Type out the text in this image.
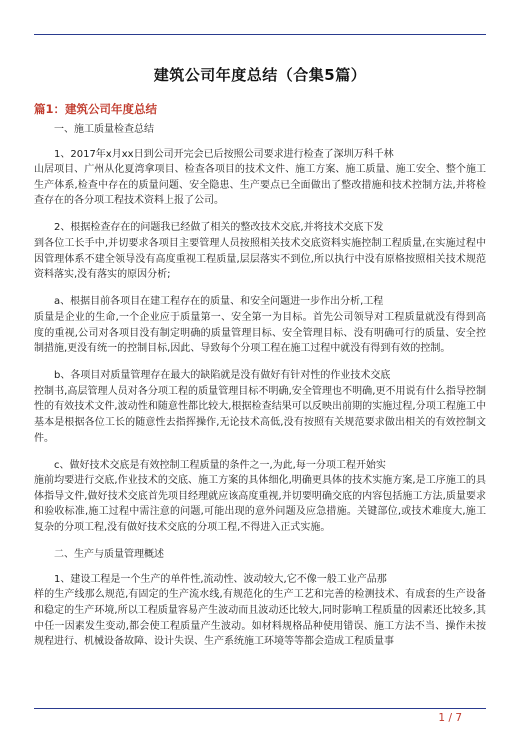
建筑公司年度总结（合集5篇）
篇1：建筑公司年度总结

一、施工质量检查总结

1、2017年x月xx日到公司开完会已后按照公司要求进行检查了深圳万科千林
山居项目、广州从化夏湾拿项目、检查各项目的技术文件、施工方案、施工质量、施工安全、整个施工生产体系,检查中存在的质量问题、安全隐患、生产要点已全面做出了整改措施和技术控制方法,并将检查存在的各分项工程技术资料上报了公司。

2、根据检查存在的问题我已经做了相关的整改技术交底,并将技术交底下发
到各位工长手中,并切要求各项目主要管理人员按照相关技术交底资料实施控制工程质量,在实施过程中因管理体系不建全领导没有高度重视工程质量,层层落实不到位,所以执行中没有原格按照相关技术规范资料落实,没有落实的原因分析;

a、根据目前各项目在建工程存在的质量、和安全问题进一步作出分析,工程
质量是企业的生命,一个企业应于质量第一、安全第一为目标。首先公司领导对工程质量就没有得到高度的重视,公司对各项目没有制定明确的质量管理目标、安全管理目标、没有明确可行的质量、安全控制措施,更没有统一的控制目标,因此、导致每个分项工程在施工过程中就没有得到有效的控制。

b、各项目对质量管理存在最大的缺陷就是没有做好有针对性的作业技术交底
控制书,高层管理人员对各分项工程的质量管理目标不明确,安全管理也不明确,更不用说有什么指导控制性的有效技术文件,波动性和随意性都比较大,根据检查结果可以反映出前期的实施过程,分项工程施工中基本是根据各位工长的随意性去指挥操作,无论技术高低,没有按照有关规范要求做出相关的有效控制文件。

c、做好技术交底是有效控制工程质量的条件之一,为此,每一分项工程开始实
施前均要进行交底,作业技术的交底、施工方案的具体细化,明确更具体的技术实施方案,是工序施工的具体指导文件,做好技术交底首先项目经理就应该高度重视,并切要明确交底的内容包括施工方法,质量要求和验收标准,施工过程中需注意的问题,可能出现的意外问题及应急措施。关键部位,或技术难度大,施工复杂的分项工程,没有做好技术交底的分项工程,不得进入正式实施。

二、生产与质量管理概述

1、建设工程是一个生产的单件性,流动性、波动较大,它不像一般工业产品那
样的生产线那么规范,有固定的生产流水线,有规范化的生产工艺和完善的检测技术、有成套的生产设备和稳定的生产环境,所以工程质量容易产生波动而且波动还比较大,同时影响工程质量的因素还比较多,其中任一因素发生变动,都会使工程质量产生波动。如材料规格品种使用错误、施工方法不当、操作未按规程进行、机械设备故障、设计失误、生产系统施工环境等等都会造成工程质量事

1 / 7
